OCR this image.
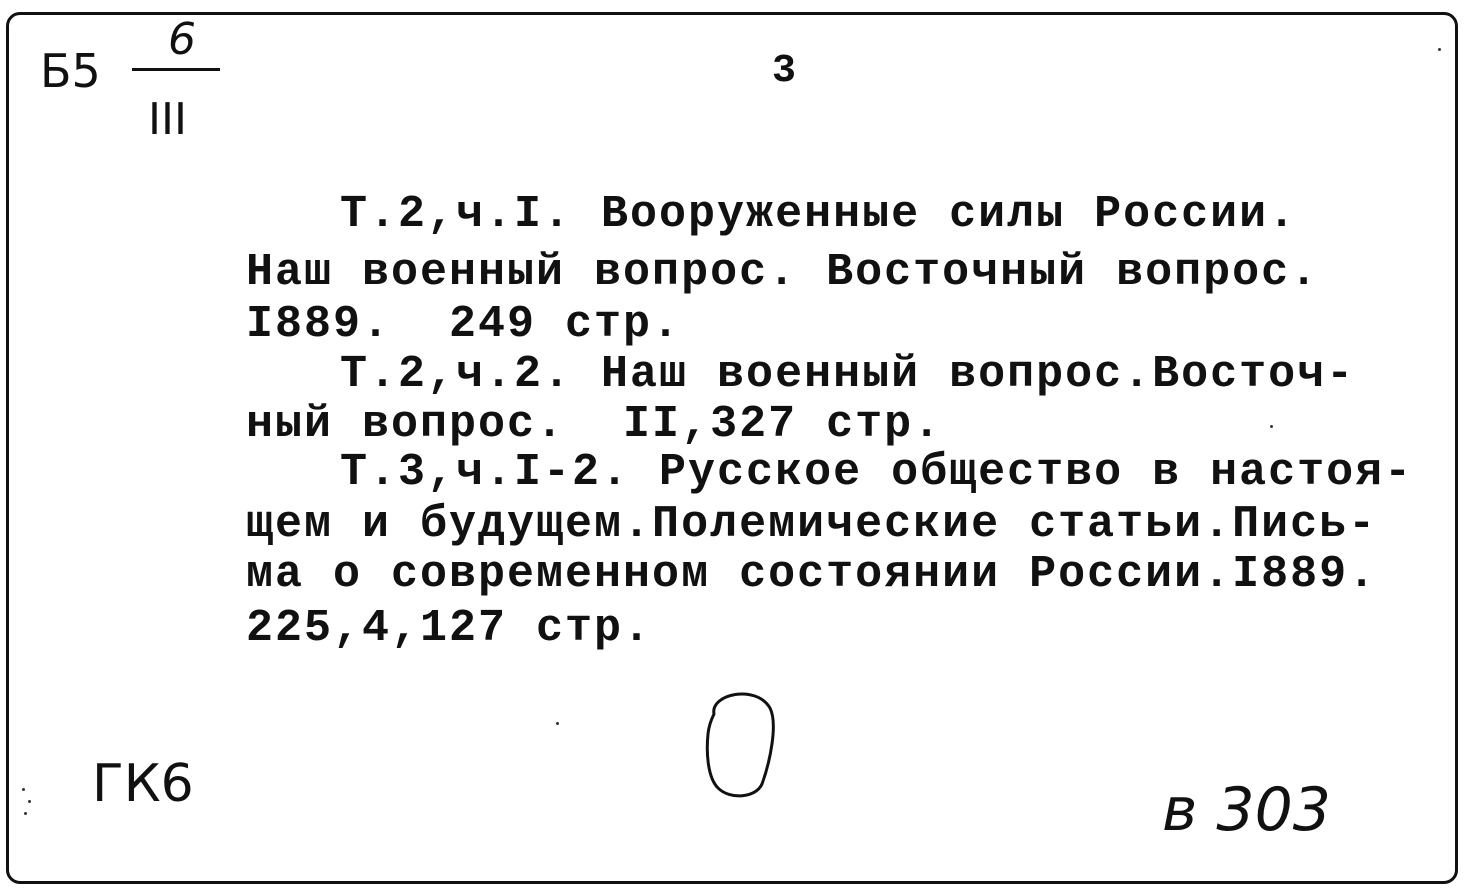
Б5
6
III
3
Т.2,ч.I. Вооруженные силы России.
Наш военный вопрос. Восточный вопрос.
I889.  249 стр.
Т.2,ч.2. Наш военный вопрос.Восточ-
ный вопрос.  II,327 стр.
Т.3,ч.I-2. Русское общество в настоя-
щем и будущем.Полемические статьи.Пись-
ма о современном состоянии России.I889.
225,4,127 стр.
ГК6	в 303
